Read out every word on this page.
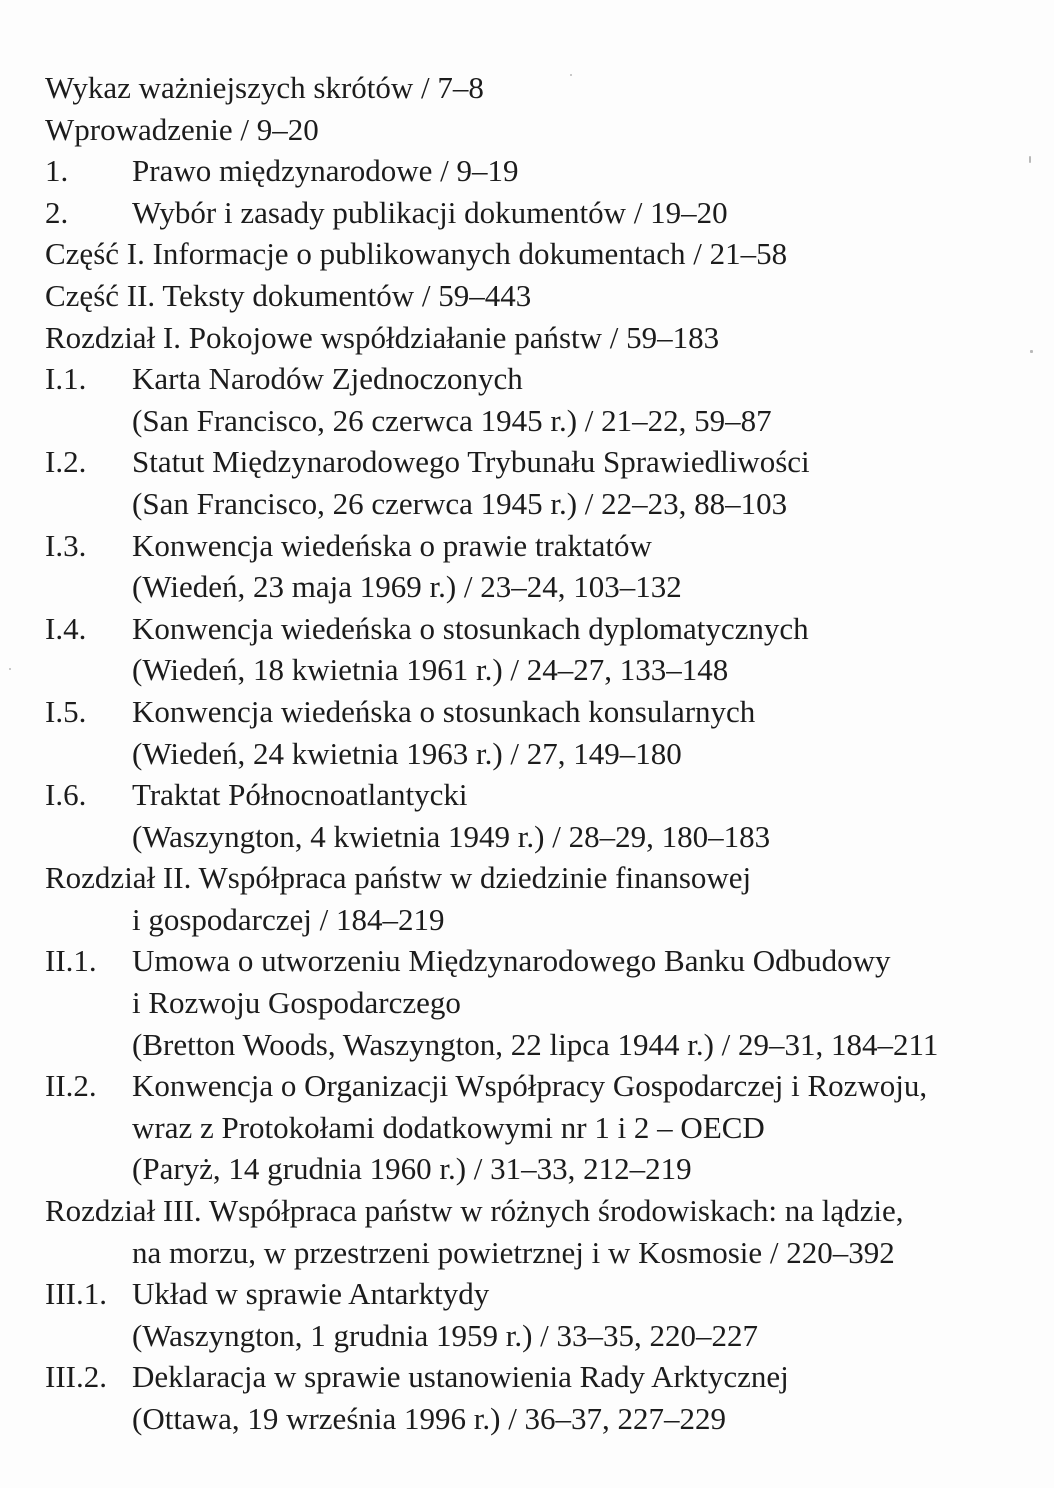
Wykaz ważniejszych skrótów / 7–8
Wprowadzenie / 9–20
1.	Prawo międzynarodowe / 9–19
2.	Wybór i zasady publikacji dokumentów / 19–20
Część I. Informacje o publikowanych dokumentach / 21–58
Część II. Teksty dokumentów / 59–443
Rozdział I. Pokojowe współdziałanie państw / 59–183
I.1.	Karta Narodów Zjednoczonych
(San Francisco, 26 czerwca 1945 r.) / 21–22, 59–87
I.2.	Statut Międzynarodowego Trybunału Sprawiedliwości
(San Francisco, 26 czerwca 1945 r.) / 22–23, 88–103
I.3.	Konwencja wiedeńska o prawie traktatów
(Wiedeń, 23 maja 1969 r.) / 23–24, 103–132
I.4.	Konwencja wiedeńska o stosunkach dyplomatycznych
(Wiedeń, 18 kwietnia 1961 r.) / 24–27, 133–148
I.5.	Konwencja wiedeńska o stosunkach konsularnych
(Wiedeń, 24 kwietnia 1963 r.) / 27, 149–180
I.6.	Traktat Północnoatlantycki
(Waszyngton, 4 kwietnia 1949 r.) / 28–29, 180–183
Rozdział II. Współpraca państw w dziedzinie finansowej
i gospodarczej / 184–219
II.1.	Umowa o utworzeniu Międzynarodowego Banku Odbudowy
i Rozwoju Gospodarczego
(Bretton Woods, Waszyngton, 22 lipca 1944 r.) / 29–31, 184–211
II.2.	Konwencja o Organizacji Współpracy Gospodarczej i Rozwoju,
wraz z Protokołami dodatkowymi nr 1 i 2 – OECD
(Paryż, 14 grudnia 1960 r.) / 31–33, 212–219
Rozdział III. Współpraca państw w różnych środowiskach: na lądzie,
na morzu, w przestrzeni powietrznej i w Kosmosie / 220–392
III.1. Układ w sprawie Antarktydy
(Waszyngton, 1 grudnia 1959 r.) / 33–35, 220–227
III.2. Deklaracja w sprawie ustanowienia Rady Arktycznej
(Ottawa, 19 września 1996 r.) / 36–37, 227–229
